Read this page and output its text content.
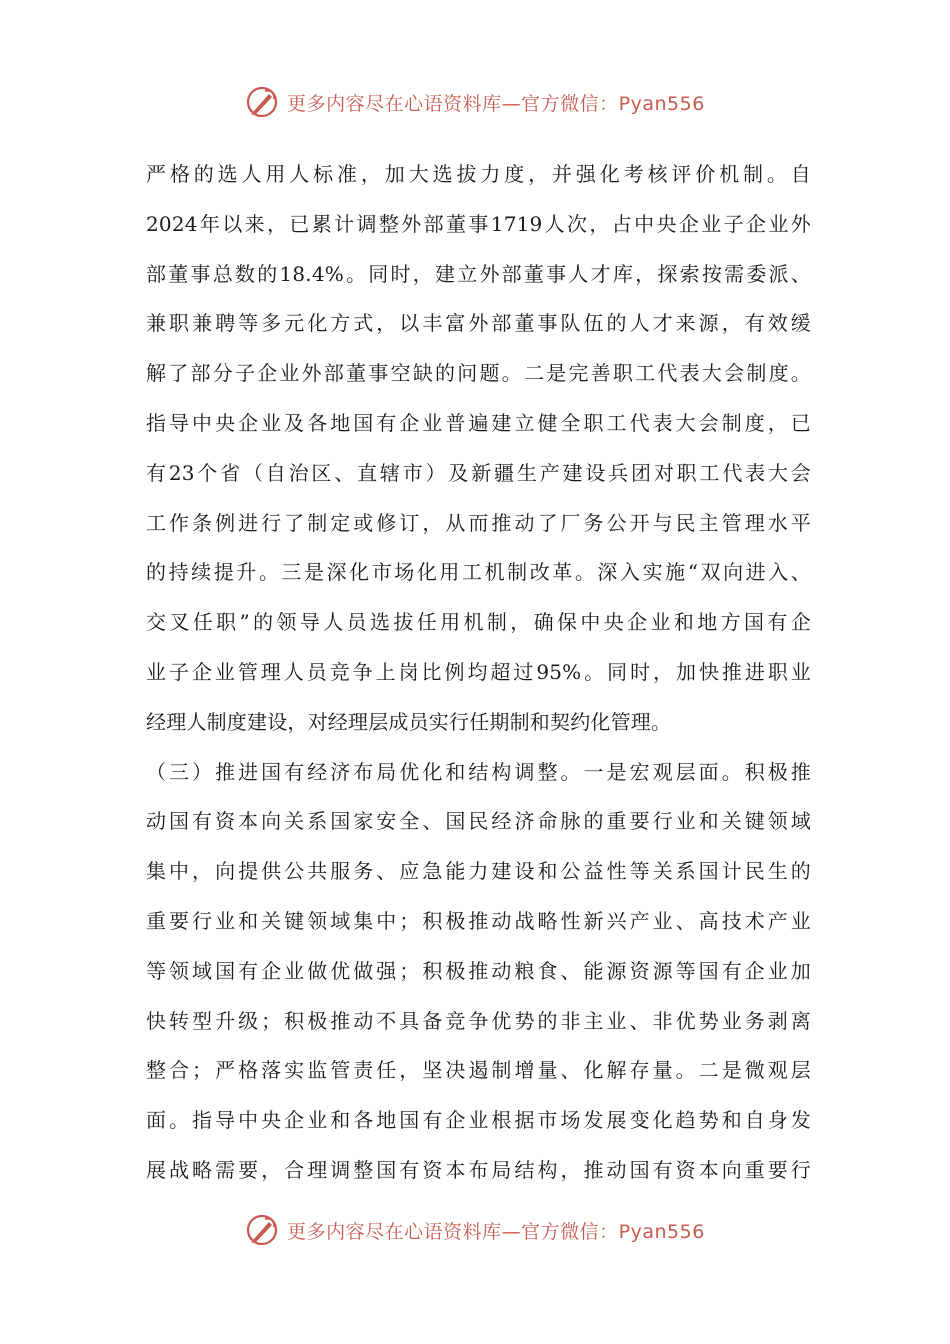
更多内容尽在心语资料库—官方微信：Pyan556
严格的选人用人标准，加大选拔力度，并强化考核评价机制。自
2024年以来，已累计调整外部董事1719人次，占中央企业子企业外
部董事总数的18.4%。同时，建立外部董事人才库，探索按需委派、
兼职兼聘等多元化方式，以丰富外部董事队伍的人才来源，有效缓
解了部分子企业外部董事空缺的问题。二是完善职工代表大会制度。
指导中央企业及各地国有企业普遍建立健全职工代表大会制度，已
有23个省（自治区、直辖市）及新疆生产建设兵团对职工代表大会
工作条例进行了制定或修订，从而推动了厂务公开与民主管理水平
的持续提升。三是深化市场化用工机制改革。深入实施“双向进入、
交叉任职”的领导人员选拔任用机制，确保中央企业和地方国有企
业子企业管理人员竞争上岗比例均超过95%。同时，加快推进职业
经理人制度建设，对经理层成员实行任期制和契约化管理。
（三）推进国有经济布局优化和结构调整。一是宏观层面。积极推
动国有资本向关系国家安全、国民经济命脉的重要行业和关键领域
集中，向提供公共服务、应急能力建设和公益性等关系国计民生的
重要行业和关键领域集中；积极推动战略性新兴产业、高技术产业
等领域国有企业做优做强；积极推动粮食、能源资源等国有企业加
快转型升级；积极推动不具备竞争优势的非主业、非优势业务剥离
整合；严格落实监管责任，坚决遏制增量、化解存量。二是微观层
面。指导中央企业和各地国有企业根据市场发展变化趋势和自身发
展战略需要，合理调整国有资本布局结构，推动国有资本向重要行
更多内容尽在心语资料库—官方微信：Pyan556
